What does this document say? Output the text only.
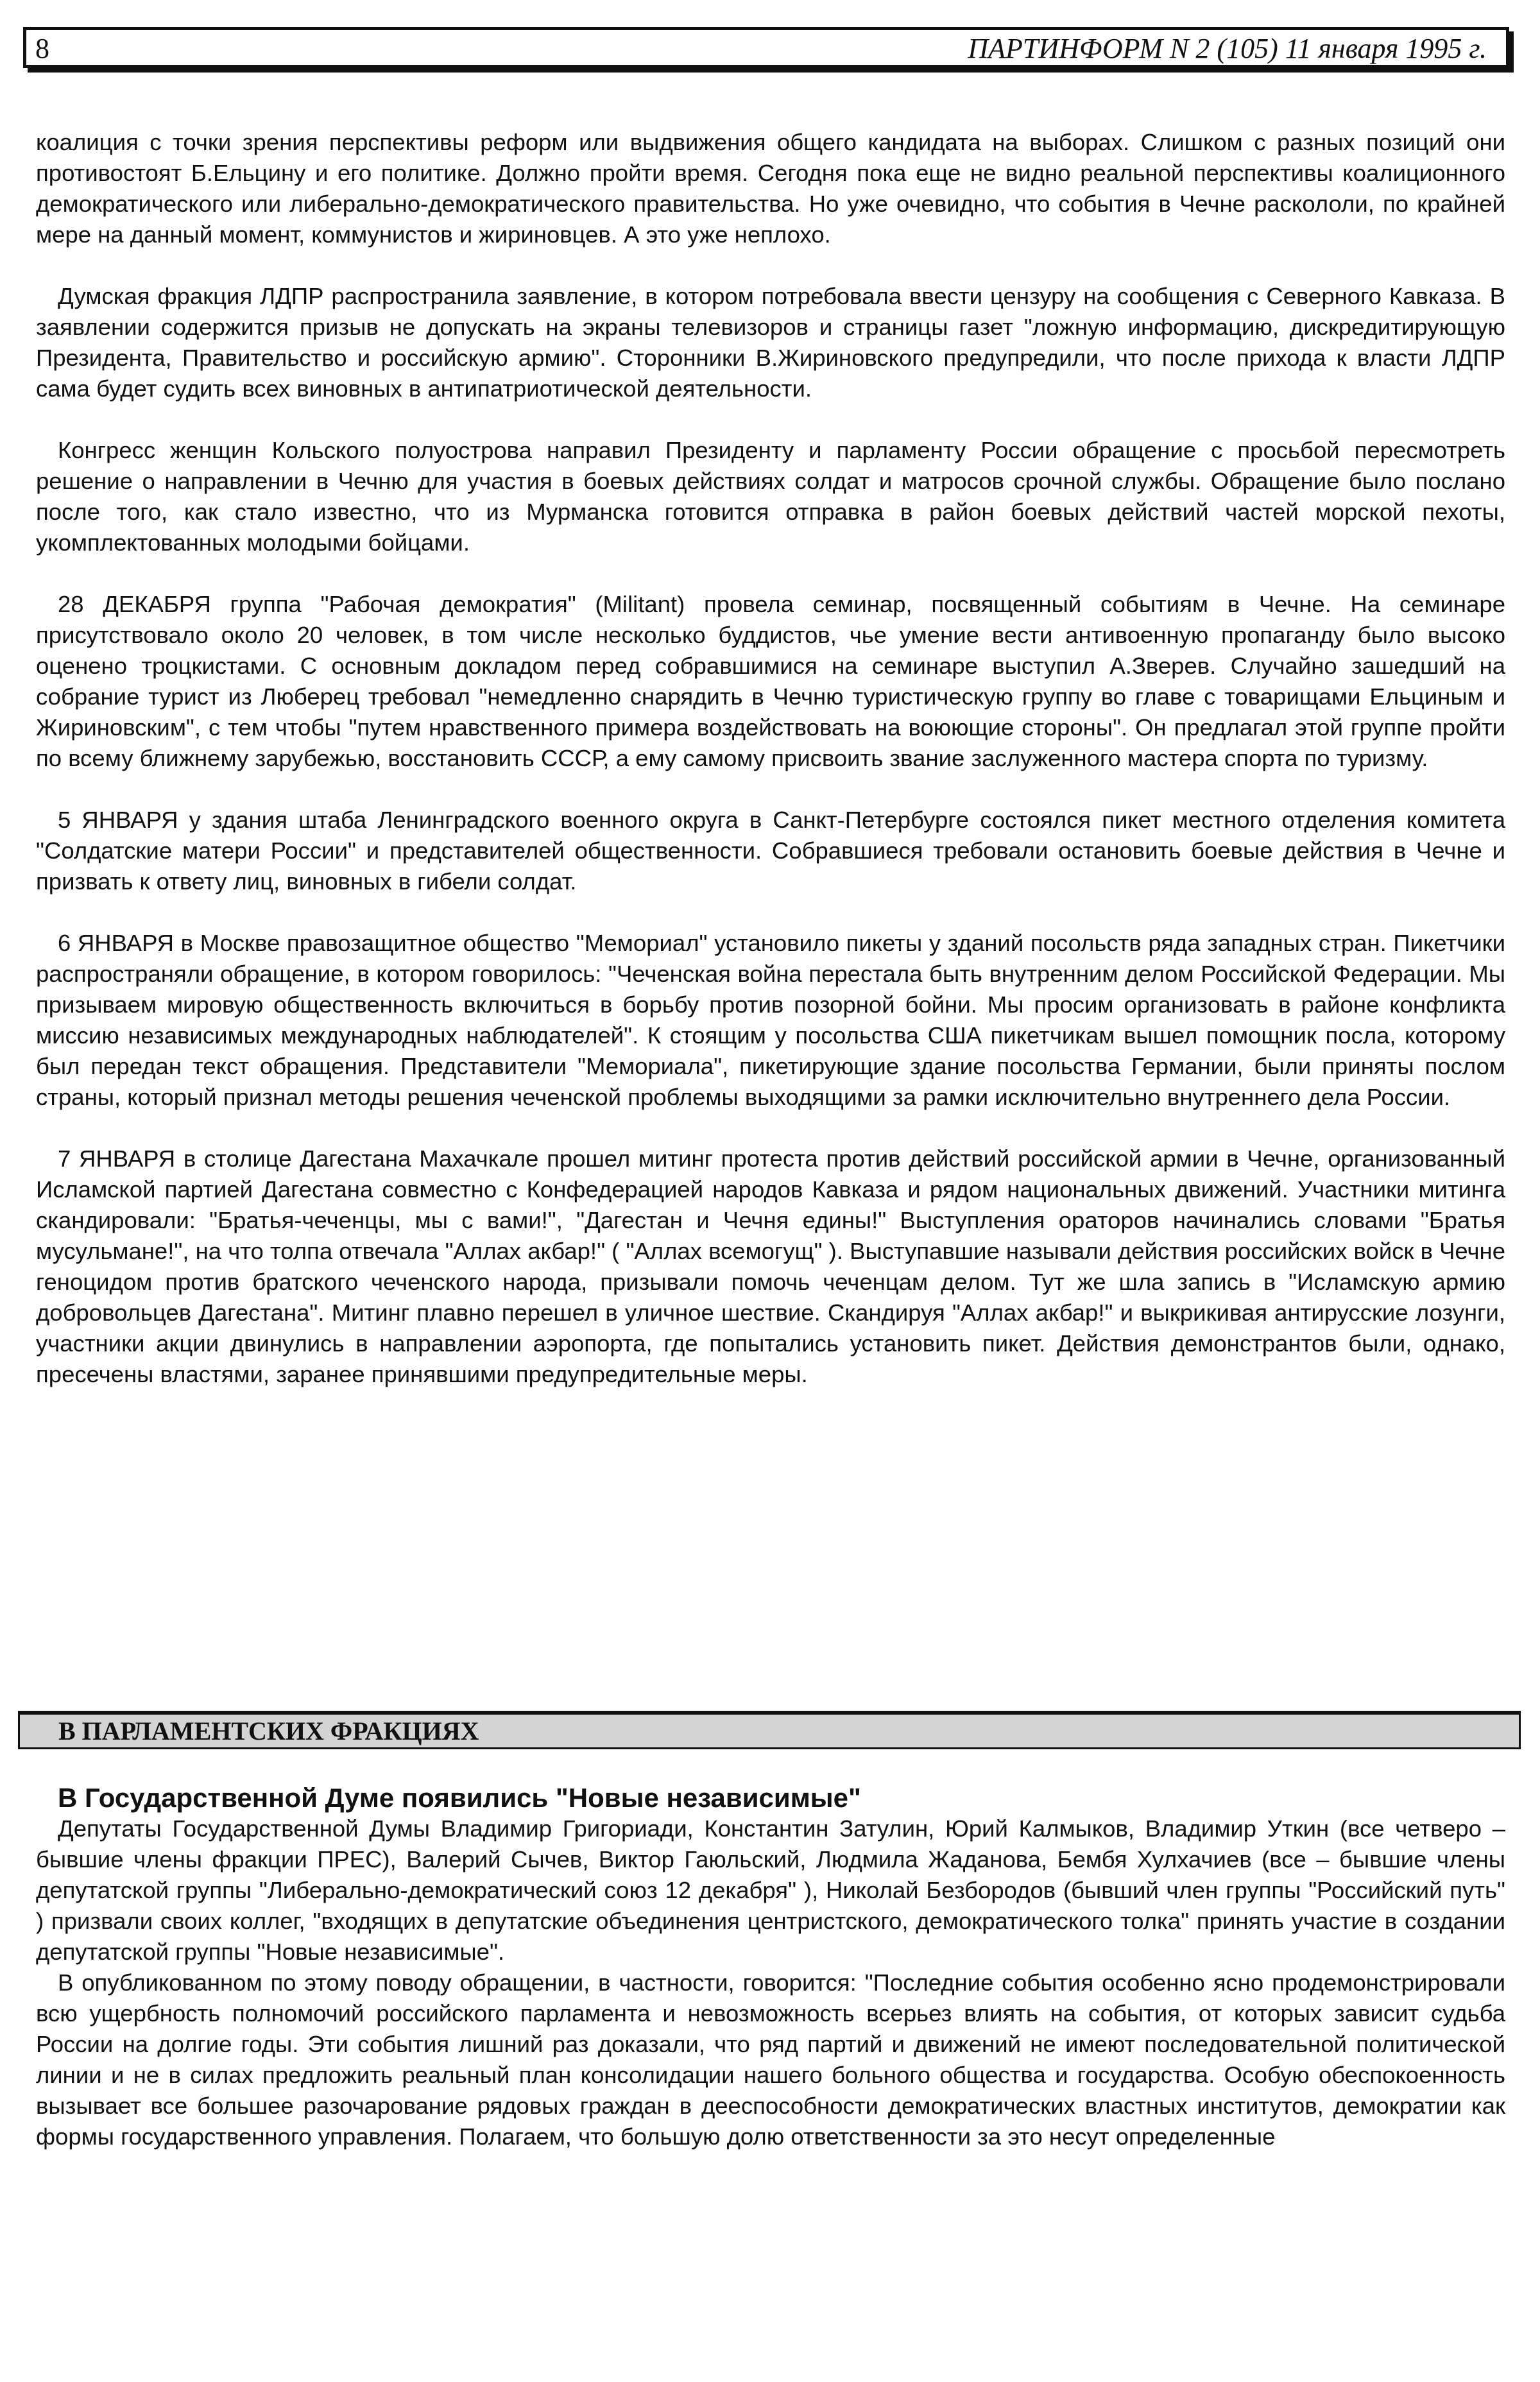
8	ПАРТИНФОРМ N 2 (105) 11 января 1995 г.

коалиция с точки зрения перспективы реформ или выдвижения общего кандидата на выборах. Слишком с разных позиций они противостоят Б.Ельцину и его политике. Должно пройти время. Сегодня пока еще не видно реальной перспективы коалиционного демократического или либерально-демократического правительства. Но уже очевидно, что события в Чечне раскололи, по крайней мере на данный момент, коммунистов и жириновцев. А это уже неплохо.

Думская фракция ЛДПР распространила заявление, в котором потребовала ввести цензуру на сообщения с Северного Кавказа. В заявлении содержится призыв не допускать на экраны телевизоров и страницы газет "ложную информацию, дискредитирующую Президента, Правительство и российскую армию". Сторонники В.Жириновского предупредили, что после прихода к власти ЛДПР сама будет судить всех виновных в антипатриотической деятельности.

Конгресс женщин Кольского полуострова направил Президенту и парламенту России обращение с просьбой пересмотреть решение о направлении в Чечню для участия в боевых действиях солдат и матросов срочной службы. Обращение было послано после того, как стало известно, что из Мурманска готовится отправка в район боевых действий частей морской пехоты, укомплектованных молодыми бойцами.

28 ДЕКАБРЯ группа "Рабочая демократия" (Militant) провела семинар, посвященный событиям в Чечне. На семинаре присутствовало около 20 человек, в том числе несколько буддистов, чье умение вести антивоенную пропаганду было высоко оценено троцкистами. С основным докладом перед собравшимися на семинаре выступил А.Зверев. Случайно зашедший на собрание турист из Люберец требовал "немедленно снарядить в Чечню туристическую группу во главе с товарищами Ельциным и Жириновским", с тем чтобы "путем нравственного примера воздействовать на воюющие стороны". Он предлагал этой группе пройти по всему ближнему зарубежью, восстановить СССР, а ему самому присвоить звание заслуженного мастера спорта по туризму.

5 ЯНВАРЯ у здания штаба Ленинградского военного округа в Санкт-Петербурге состоялся пикет местного отделения комитета "Солдатские матери России" и представителей общественности. Собравшиеся требовали остановить боевые действия в Чечне и призвать к ответу лиц, виновных в гибели солдат.

6 ЯНВАРЯ в Москве правозащитное общество "Мемориал" установило пикеты у зданий посольств ряда западных стран. Пикетчики распространяли обращение, в котором говорилось: "Чеченская война перестала быть внутренним делом Российской Федерации. Мы призываем мировую общественность включиться в борьбу против позорной бойни. Мы просим организовать в районе конфликта миссию независимых международных наблюдателей". К стоящим у посольства США пикетчикам вышел помощник посла, которому был передан текст обращения. Представители "Мемориала", пикетирующие здание посольства Германии, были приняты послом страны, который признал методы решения чеченской проблемы выходящими за рамки исключительно внутреннего дела России.

7 ЯНВАРЯ в столице Дагестана Махачкале прошел митинг протеста против действий российской армии в Чечне, организованный Исламской партией Дагестана совместно с Конфедерацией народов Кавказа и рядом национальных движений. Участники митинга скандировали: "Братья-чеченцы, мы с вами!", "Дагестан и Чечня едины!" Выступления ораторов начинались словами "Братья мусульмане!", на что толпа отвечала "Аллах акбар!" ( "Аллах всемогущ" ). Выступавшие называли действия российских войск в Чечне геноцидом против братского чеченского народа, призывали помочь чеченцам делом. Тут же шла запись в "Исламскую армию добровольцев Дагестана". Митинг плавно перешел в уличное шествие. Скандируя "Аллах акбар!" и выкрикивая антирусские лозунги, участники акции двинулись в направлении аэропорта, где попытались установить пикет. Действия демонстрантов были, однако, пресечены властями, заранее принявшими предупредительные меры.

В ПАРЛАМЕНТСКИХ ФРАКЦИЯХ
В Государственной Думе появились "Новые независимые"

Депутаты Государственной Думы Владимир Григориади, Константин Затулин, Юрий Калмыков, Владимир Уткин (все четверо – бывшие члены фракции ПРЕС), Валерий Сычев, Виктор Гаюльский, Людмила Жаданова, Бембя Хулхачиев (все – бывшие члены депутатской группы "Либерально-демократический союз 12 декабря" ), Николай Безбородов (бывший член группы "Российский путь" ) призвали своих коллег, "входящих в депутатские объединения центристского, демократического толка" принять участие в создании депутатской группы "Новые независимые".

В опубликованном по этому поводу обращении, в частности, говорится: "Последние события особенно ясно продемонстрировали всю ущербность полномочий российского парламента и невозможность всерьез влиять на события, от которых зависит судьба России на долгие годы. Эти события лишний раз доказали, что ряд партий и движений не имеют последовательной политической линии и не в силах предложить реальный план консолидации нашего больного общества и государства. Особую обеспокоенность вызывает все большее разочарование рядовых граждан в дееспособности демократических властных институтов, демократии как формы государственного управления. Полагаем, что большую долю ответственности за это несут определенные
